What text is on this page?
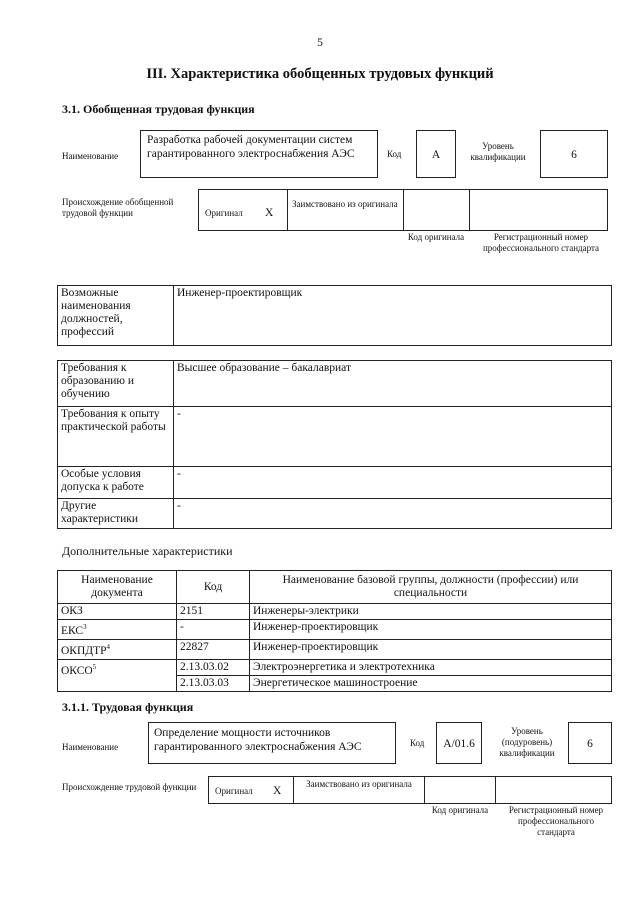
5
III. Характеристика обобщенных трудовых функций
3.1. Обобщенная трудовая функция
Наименование
Разработка рабочей документации систем гарантированного электроснабжения АЭС	Код	А
Уровень квалификации	6
Происхождение обобщенной трудовой функции	Оригинал X
Заимствовано из оригинала
Код оригинала	Регистрационный номер профессионального стандарта
Возможные наименования должностей, профессий	Инженер-проектировщик
Требования к образованию и обучению	Высшее образование – бакалавриат
Требования к опыту практической работы	-
Особые условия допуска к работе	-
Другие характеристики	-
Дополнительные характеристики
Наименование документа	Код	Наименование базовой группы, должности (профессии) или специальности
ОКЗ	2151	Инженеры-электрики
ЕКС$^3$	-	Инженер-проектировщик
ОКПДТР$^4$	22827	Инженер-проектировщик
ОКСО$^5$	2.13.03.02	Электроэнергетика и электротехника
	2.13.03.03	Энергетическое машиностроение
3.1.1. Трудовая функция
Наименование
Определение мощности источников гарантированного электроснабжения АЭС	Код	A/01.6
Уровень (подуровень) квалификации
6
Происхождение трудовой функции	Оригинал X
Заимствовано из оригинала
Код оригинала	Регистрационный номер профессионального стандарта
